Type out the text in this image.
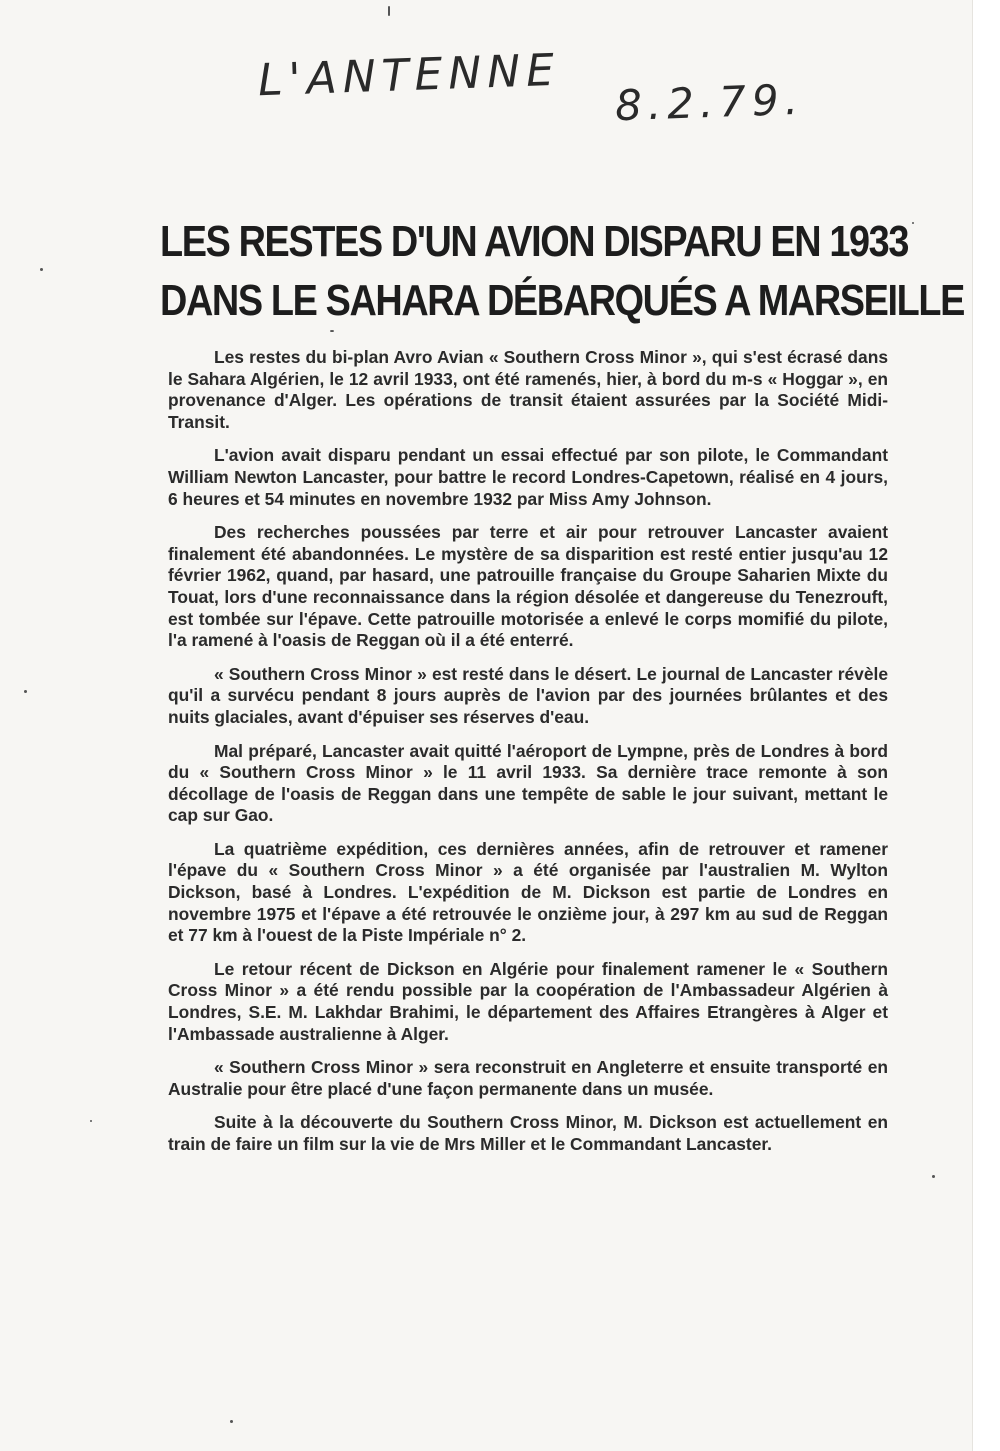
L'ANTENNE 8.2.79.
LES RESTES D'UN AVION DISPARU EN 1933
DANS LE SAHARA DÉBARQUÉS A MARSEILLE

Les restes du bi-plan Avro Avian « Southern Cross Minor », qui s'est écrasé dans le Sahara Algérien, le 12 avril 1933, ont été ramenés, hier, à bord du m-s « Hoggar », en provenance d'Alger. Les opérations de transit étaient assurées par la Société Midi-Transit.

L'avion avait disparu pendant un essai effectué par son pilote, le Commandant William Newton Lancaster, pour battre le record Londres-Capetown, réalisé en 4 jours, 6 heures et 54 minutes en novembre 1932 par Miss Amy Johnson.

Des recherches poussées par terre et air pour retrouver Lancaster avaient finalement été abandonnées. Le mystère de sa disparition est resté entier jusqu'au 12 février 1962, quand, par hasard, une patrouille française du Groupe Saharien Mixte du Touat, lors d'une reconnaissance dans la région désolée et dangereuse du Tenezrouft, est tombée sur l'épave. Cette patrouille motorisée a enlevé le corps momifié du pilote, l'a ramené à l'oasis de Reggan où il a été enterré.

« Southern Cross Minor » est resté dans le désert. Le journal de Lancaster révèle qu'il a survécu pendant 8 jours auprès de l'avion par des journées brûlantes et des nuits glaciales, avant d'épuiser ses réserves d'eau.

Mal préparé, Lancaster avait quitté l'aéroport de Lympne, près de Londres à bord du « Southern Cross Minor » le 11 avril 1933. Sa dernière trace remonte à son décollage de l'oasis de Reggan dans une tempête de sable le jour suivant, mettant le cap sur Gao.

La quatrième expédition, ces dernières années, afin de retrouver et ramener l'épave du « Southern Cross Minor » a été organisée par l'australien M. Wylton Dickson, basé à Londres. L'expédition de M. Dickson est partie de Londres en novembre 1975 et l'épave a été retrouvée le onzième jour, à 297 km au sud de Reggan et 77 km à l'ouest de la Piste Impériale n° 2.

Le retour récent de Dickson en Algérie pour finalement ramener le « Southern Cross Minor » a été rendu possible par la coopération de l'Ambassadeur Algérien à Londres, S.E. M. Lakhdar Brahimi, le département des Affaires Etrangères à Alger et l'Ambassade australienne à Alger.

« Southern Cross Minor » sera reconstruit en Angleterre et ensuite transporté en Australie pour être placé d'une façon permanente dans un musée.

Suite à la découverte du Southern Cross Minor, M. Dickson est actuellement en train de faire un film sur la vie de Mrs Miller et le Commandant Lancaster.
